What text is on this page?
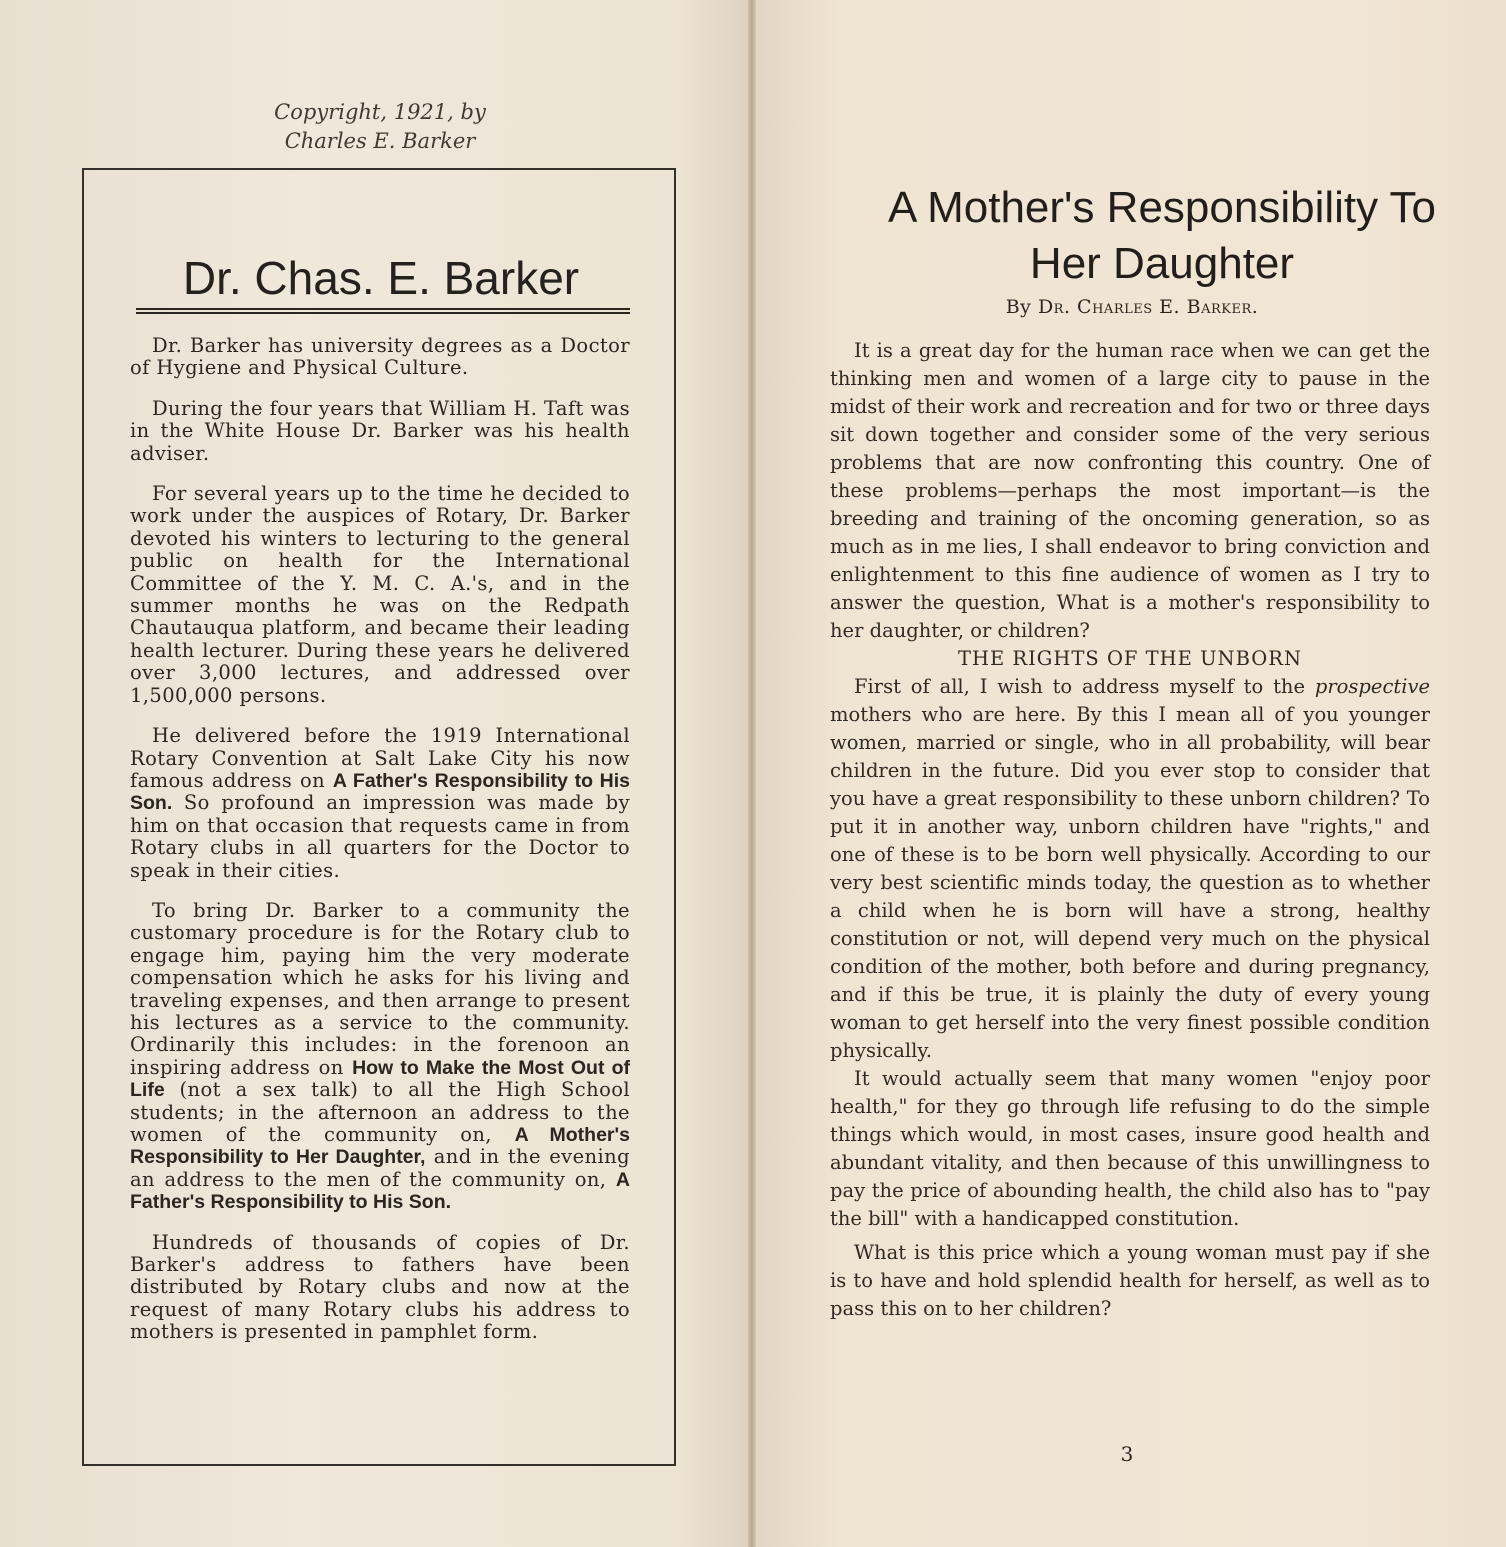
Copyright, 1921, by
Charles E. Barker
Dr. Chas. E. Barker

Dr. Barker has university degrees as a Doctor of Hygiene and Physical Culture.

During the four years that William H. Taft was in the White House Dr. Barker was his health adviser.

For several years up to the time he decided to work under the auspices of Rotary, Dr. Barker devoted his winters to lecturing to the general public on health for the International Committee of the Y. M. C. A.'s, and in the summer months he was on the Redpath Chautauqua platform, and became their leading health lecturer. During these years he delivered over 3,000 lectures, and addressed over 1,500,000 persons.

He delivered before the 1919 International Rotary Convention at Salt Lake City his now famous address on A Father's Responsibility to His Son. So profound an impression was made by him on that occasion that requests came in from Rotary clubs in all quarters for the Doctor to speak in their cities.

To bring Dr. Barker to a community the customary procedure is for the Rotary club to engage him, paying him the very moderate compensation which he asks for his living and traveling expenses, and then arrange to present his lectures as a service to the community. Ordinarily this includes: in the forenoon an inspiring address on How to Make the Most Out of Life (not a sex talk) to all the High School students; in the afternoon an address to the women of the community on, A Mother's Responsibility to Her Daughter, and in the evening an address to the men of the community on, A Father's Responsibility to His Son.

Hundreds of thousands of copies of Dr. Barker's address to fathers have been distributed by Rotary clubs and now at the request of many Rotary clubs his address to mothers is presented in pamphlet form.

A Mother's Responsibility To
Her Daughter
By Dr. Charles E. Barker.

It is a great day for the human race when we can get the thinking men and women of a large city to pause in the midst of their work and recreation and for two or three days sit down together and consider some of the very serious problems that are now confronting this country. One of these problems—perhaps the most important—is the breeding and training of the oncoming generation, so as much as in me lies, I shall endeavor to bring conviction and enlightenment to this fine audience of women as I try to answer the question, What is a mother's responsibility to her daughter, or children?

THE RIGHTS OF THE UNBORN

First of all, I wish to address myself to the prospective mothers who are here. By this I mean all of you younger women, married or single, who in all probability, will bear children in the future. Did you ever stop to consider that you have a great responsibility to these unborn children? To put it in another way, unborn children have "rights," and one of these is to be born well physically. According to our very best scientific minds today, the question as to whether a child when he is born will have a strong, healthy constitution or not, will depend very much on the physical condition of the mother, both before and during pregnancy, and if this be true, it is plainly the duty of every young woman to get herself into the very finest possible condition physically.

It would actually seem that many women "enjoy poor health," for they go through life refusing to do the simple things which would, in most cases, insure good health and abundant vitality, and then because of this unwillingness to pay the price of abounding health, the child also has to "pay the bill" with a handicapped constitution.

What is this price which a young woman must pay if she is to have and hold splendid health for herself, as well as to pass this on to her children?

3
